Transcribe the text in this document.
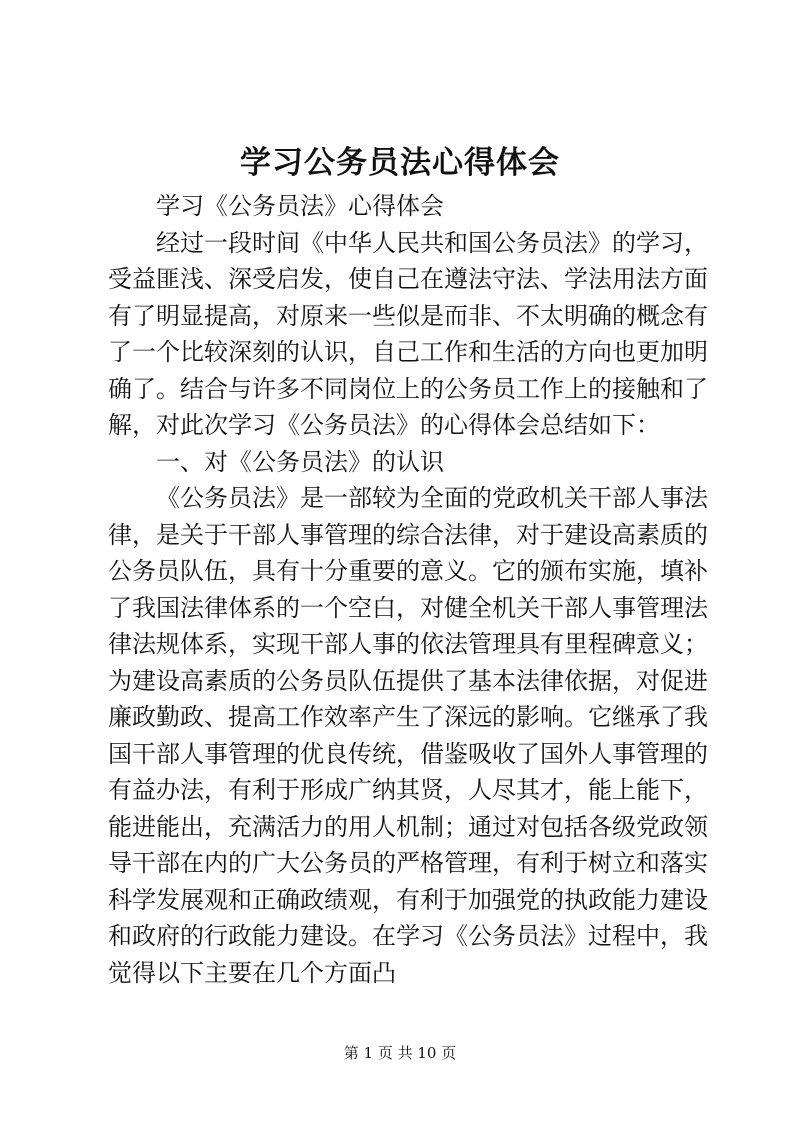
学习公务员法心得体会

学习《公务员法》心得体会

经过一段时间《中华人民共和国公务员法》的学习，受益匪浅、深受启发，使自己在遵法守法、学法用法方面有了明显提高，对原来一些似是而非、不太明确的概念有了一个比较深刻的认识，自己工作和生活的方向也更加明确了。结合与许多不同岗位上的公务员工作上的接触和了解，对此次学习《公务员法》的心得体会总结如下：

一、对《公务员法》的认识

《公务员法》是一部较为全面的党政机关干部人事法律，是关于干部人事管理的综合法律，对于建设高素质的公务员队伍，具有十分重要的意义。它的颁布实施，填补了我国法律体系的一个空白，对健全机关干部人事管理法律法规体系，实现干部人事的依法管理具有里程碑意义；为建设高素质的公务员队伍提供了基本法律依据，对促进廉政勤政、提高工作效率产生了深远的影响。它继承了我国干部人事管理的优良传统，借鉴吸收了国外人事管理的有益办法，有利于形成广纳其贤，人尽其才，能上能下，能进能出，充满活力的用人机制；通过对包括各级党政领导干部在内的广大公务员的严格管理，有利于树立和落实科学发展观和正确政绩观，有利于加强党的执政能力建设和政府的行政能力建设。在学习《公务员法》过程中，我觉得以下主要在几个方面凸

第 1 页 共 10 页
